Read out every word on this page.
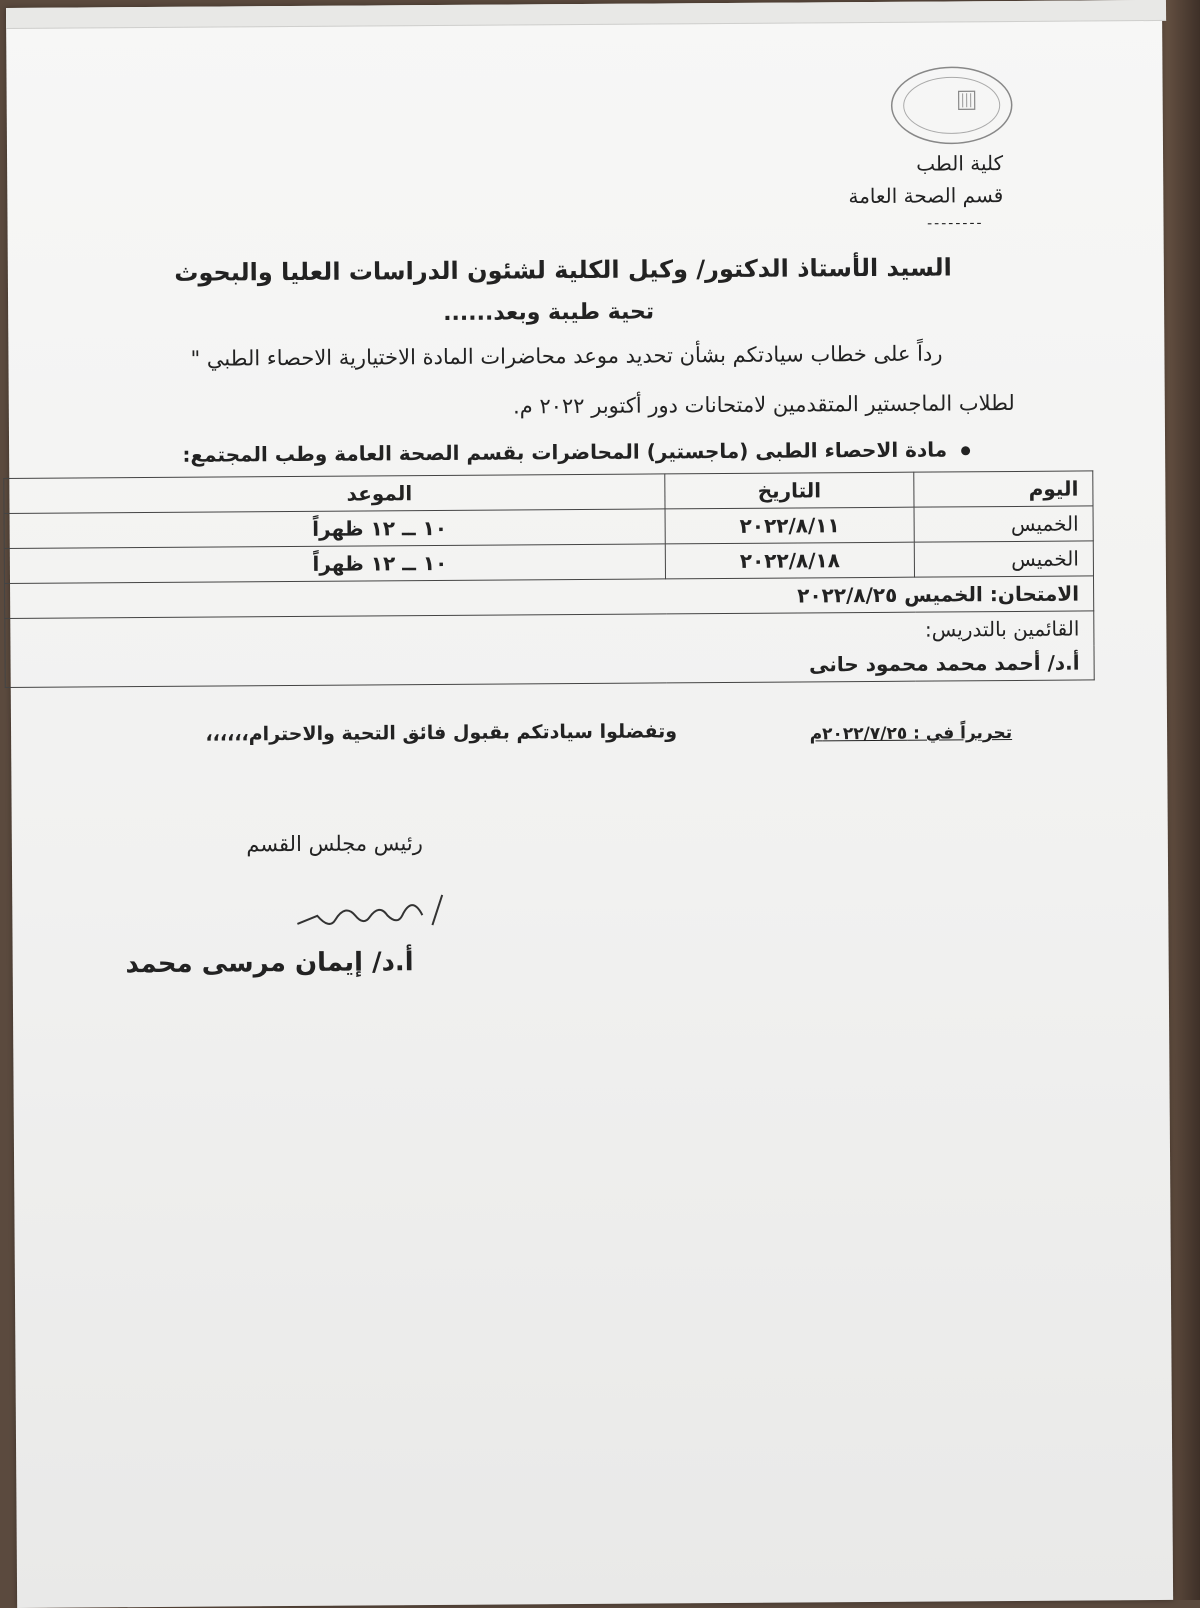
كلية الطب
قسم الصحة العامة
--------
السيد الأستاذ الدكتور/ وكيل الكلية لشئون الدراسات العليا والبحوث
تحية طيبة وبعد......
رداً على خطاب سيادتكم بشأن تحديد موعد محاضرات المادة الاختيارية الاحصاء الطبي "
لطلاب الماجستير المتقدمين لامتحانات دور أكتوبر ٢٠٢٢ م.
مادة الاحصاء الطبى (ماجستير) المحاضرات بقسم الصحة العامة وطب المجتمع:
اليوم	التاريخ	الموعد
الخميس	٢٠٢٢/٨/١١	١٠ ــ ١٢ ظهراً
الخميس	٢٠٢٢/٨/١٨	١٠ ــ ١٢ ظهراً
الامتحان: الخميس ٢٠٢٢/٨/٢٥		
القائمين بالتدريس:		
أ.د/ أحمد محمد محمود حانى		
وتفضلوا سيادتكم بقبول فائق التحية والاحترام،،،،،،	تحريراً في : ٢٠٢٢/٧/٢٥م
رئيس مجلس القسم
أ.د/ إيمان مرسى محمد
